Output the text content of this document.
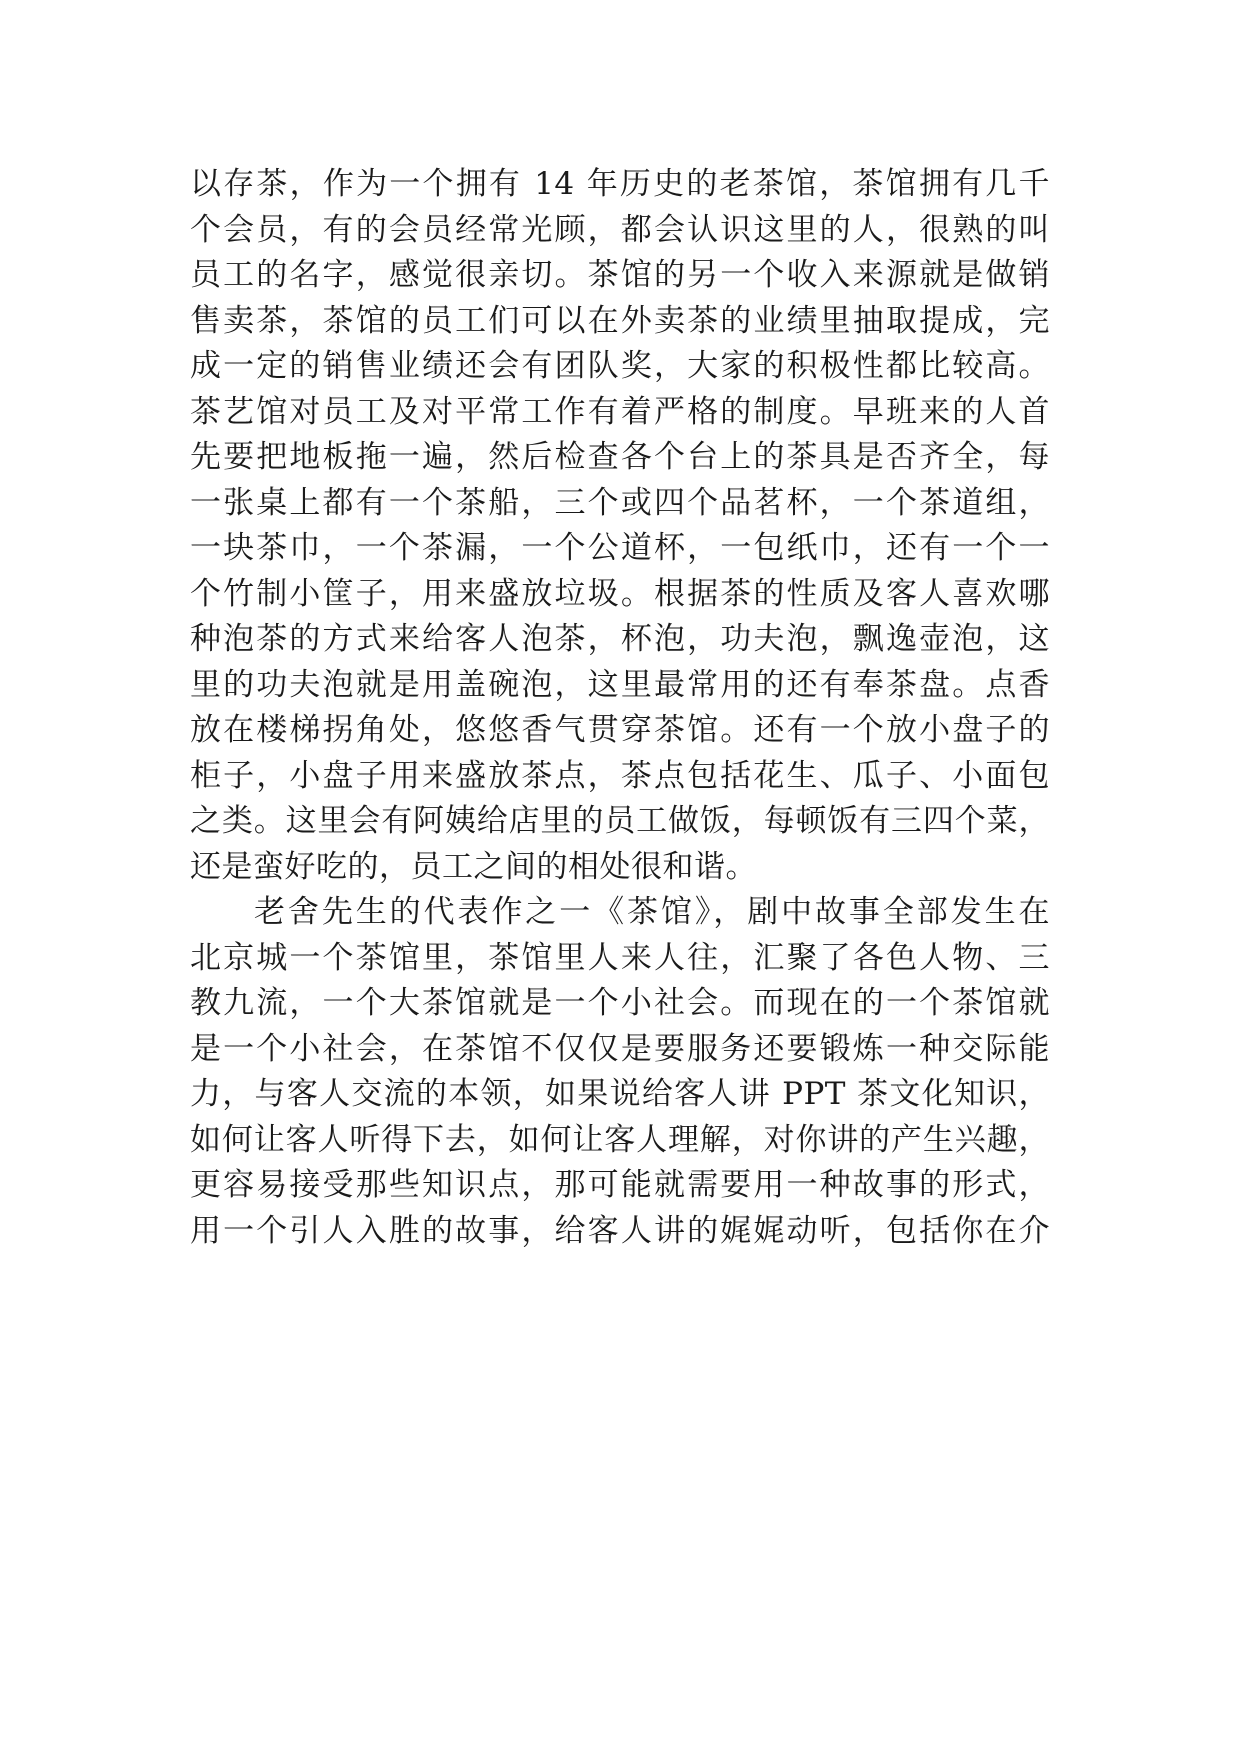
以存茶，作为一个拥有 14 年历史的老茶馆，茶馆拥有几千
个会员，有的会员经常光顾，都会认识这里的人，很熟的叫
员工的名字，感觉很亲切。茶馆的另一个收入来源就是做销
售卖茶，茶馆的员工们可以在外卖茶的业绩里抽取提成，完
成一定的销售业绩还会有团队奖，大家的积极性都比较高。
茶艺馆对员工及对平常工作有着严格的制度。早班来的人首
先要把地板拖一遍，然后检查各个台上的茶具是否齐全，每
一张桌上都有一个茶船，三个或四个品茗杯，一个茶道组，
一块茶巾，一个茶漏，一个公道杯，一包纸巾，还有一个一
个竹制小筐子，用来盛放垃圾。根据茶的性质及客人喜欢哪
种泡茶的方式来给客人泡茶，杯泡，功夫泡，飘逸壶泡，这
里的功夫泡就是用盖碗泡，这里最常用的还有奉茶盘。点香
放在楼梯拐角处，悠悠香气贯穿茶馆。还有一个放小盘子的
柜子，小盘子用来盛放茶点，茶点包括花生、瓜子、小面包
之类。这里会有阿姨给店里的员工做饭，每顿饭有三四个菜，
还是蛮好吃的，员工之间的相处很和谐。
老舍先生的代表作之一《茶馆》，剧中故事全部发生在
北京城一个茶馆里，茶馆里人来人往，汇聚了各色人物、三
教九流，一个大茶馆就是一个小社会。而现在的一个茶馆就
是一个小社会，在茶馆不仅仅是要服务还要锻炼一种交际能
力，与客人交流的本领，如果说给客人讲 PPT 茶文化知识，
如何让客人听得下去，如何让客人理解，对你讲的产生兴趣，
更容易接受那些知识点，那可能就需要用一种故事的形式，
用一个引人入胜的故事，给客人讲的娓娓动听，包括你在介
